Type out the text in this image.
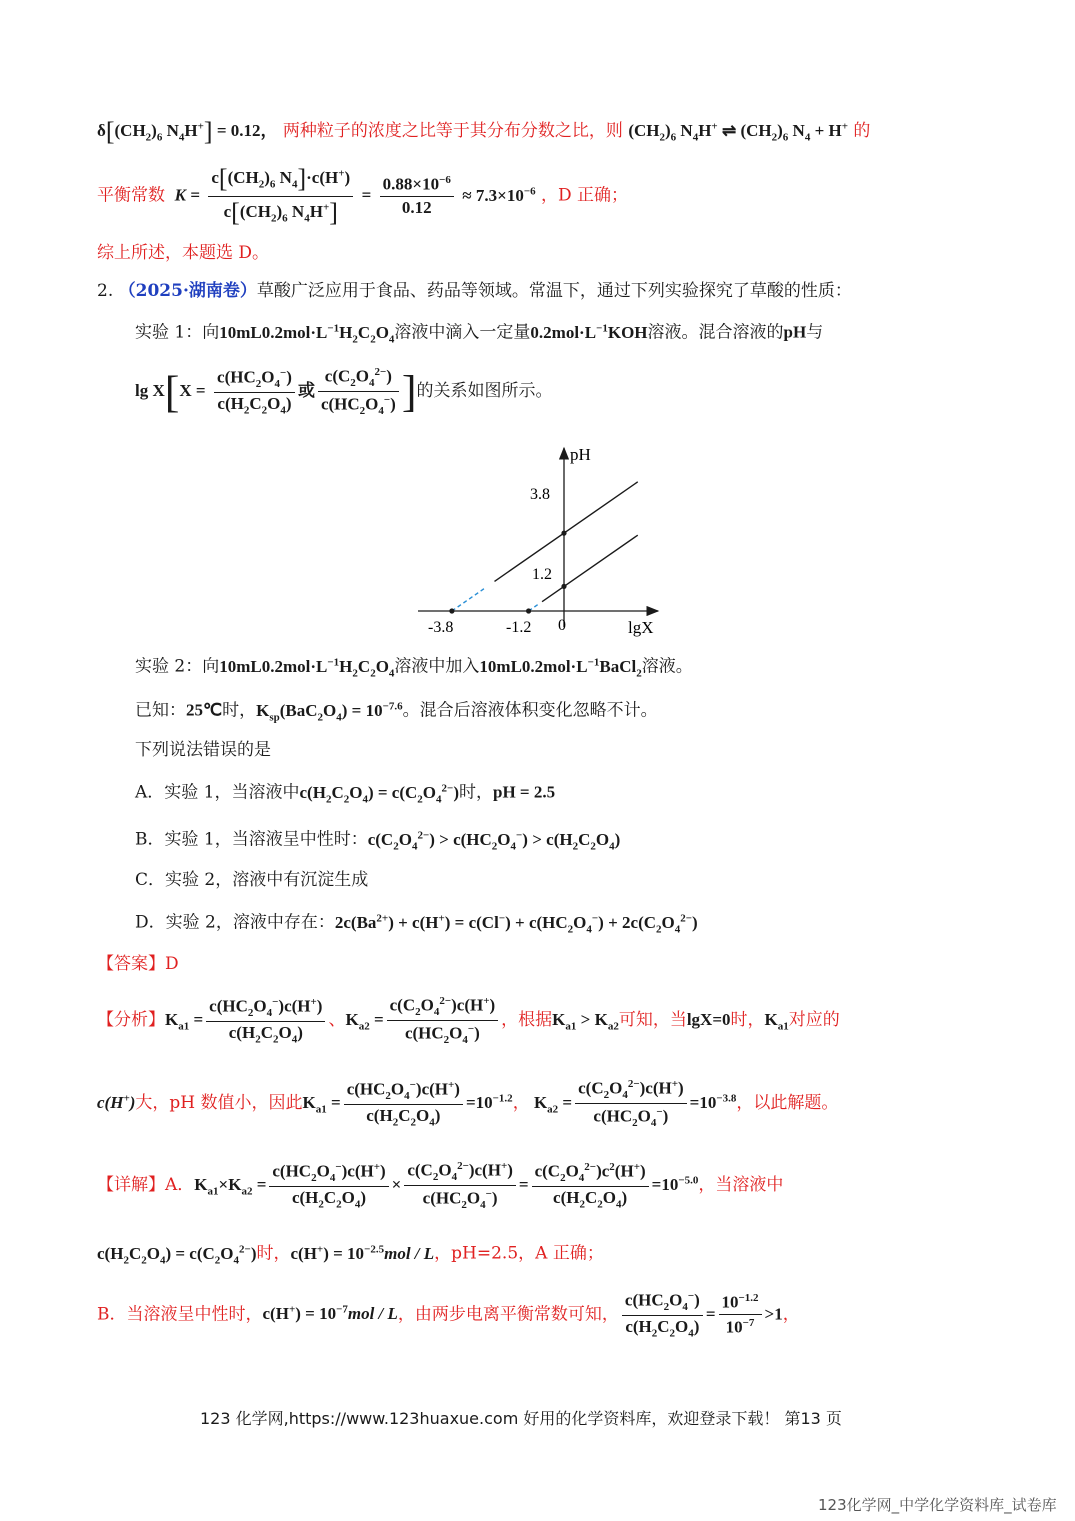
$\delta[(CH_2)_6$ $N_4H^+] = 0.12$， 两种粒子的浓度之比等于其分布分数之比，则 $(CH_2)_6$ $N_4H^+$ ⇌ $(CH_2)_6$ $N_4 + H^+$ 的
平衡常数  $K = \frac{c[(CH_2)_6 N_4]\cdot c(H^+)}{c[(CH_2)_6 N_4H^+]} = \frac{0.88\times 10^{-6}}{0.12} \approx 7.3\times 10^{-6}$ ，D 正确；
综上所述，本题选 D。
2. （2025·湖南卷）草酸广泛应用于食品、药品等领域。常温下，通过下列实验探究了草酸的性质：
实验 1：向$10mL0.2mol\cdot L^{-1}H_2C_2O_4$溶液中滴入一定量$0.2mol\cdot L^{-1}KOH$溶液。混合溶液的pH与
$\lg X[X = \frac{c(HC_2O_4^-)}{c(H_2C_2O_4)}$ 或 $\frac{c(C_2O_4^{2-})}{c(HC_2O_4^-)}$ ]的关系如图所示。
pH
lgX
-3.8	-1.2 0
3.8
1.2
实验 2：向$10mL0.2mol\cdot L^{-1}H_2C_2O_4$溶液中加入$10mL0.2mol\cdot L^{-1}BaCl_2$溶液。
已知：25℃时，$K_{sp}(BaC_2O_4) = 10^{-7.6}$。混合后溶液体积变化忽略不计。
下列说法错误的是
A．实验 1，当溶液中$c(H_2C_2O_4) = c(C_2O_4^{2-})$时，pH = 2.5
B．实验 1，当溶液呈中性时：$c(C_2O_4^{2-}) > c(HC_2O_4^-) > c(H_2C_2O_4)$
C．实验 2，溶液中有沉淀生成
D．实验 2，溶液中存在：$2c(Ba^{2+}) + c(H^+) = c(Cl^-) + c(HC_2O_4^-) + 2c(C_2O_4^{2-})$
【答案】D
【分析】$K_{a1} = \frac{c(HC_2O_4^-)c(H^+)}{c(H_2C_2O_4)}$ 、$K_{a2} = \frac{c(C_2O_4^{2-})c(H^+)}{c(HC_2O_4^-)}$ ，根据$K_{a1} > K_{a2}$可知，当lgX=0时，$K_{a1}$对应的
c(H+)大，pH 数值小，因此$K_{a1} = \frac{c(HC_2O_4^-)c(H^+)}{c(H_2C_2O_4)} =10^{-1.2}$， $K_{a2} = \frac{c(C_2O_4^{2-})c(H^+)}{c(HC_2O_4^-)} =10^{-3.8}$，以此解题。
【详解】A．$K_{a1}\times K_{a2} = \frac{c(HC_2O_4^-)c(H^+)}{c(H_2C_2O_4)} \times \frac{c(C_2O_4^{2-})c(H^+)}{c(HC_2O_4^-)} = \frac{c(C_2O_4^{2-})c^2(H^+)}{c(H_2C_2O_4)} =10^{-5.0}$，当溶液中
$c(H_2C_2O_4) = c(C_2O_4^{2-})$时，$c(H^+) = 10^{-2.5}mol / L$，pH=2.5，A 正确；
B．当溶液呈中性时，$c(H^+) = 10^{-7}mol / L$，由两步电离平衡常数可知， $\frac{c(HC_2O_4^-)}{c(H_2C_2O_4)} = \frac{10^{-1.2}}{10^{-7}} >1$，
123 化学网,https://www.123huaxue.com 好用的化学资料库，欢迎登录下载！ 第13 页
123化学网_中学化学资料库_试卷库
